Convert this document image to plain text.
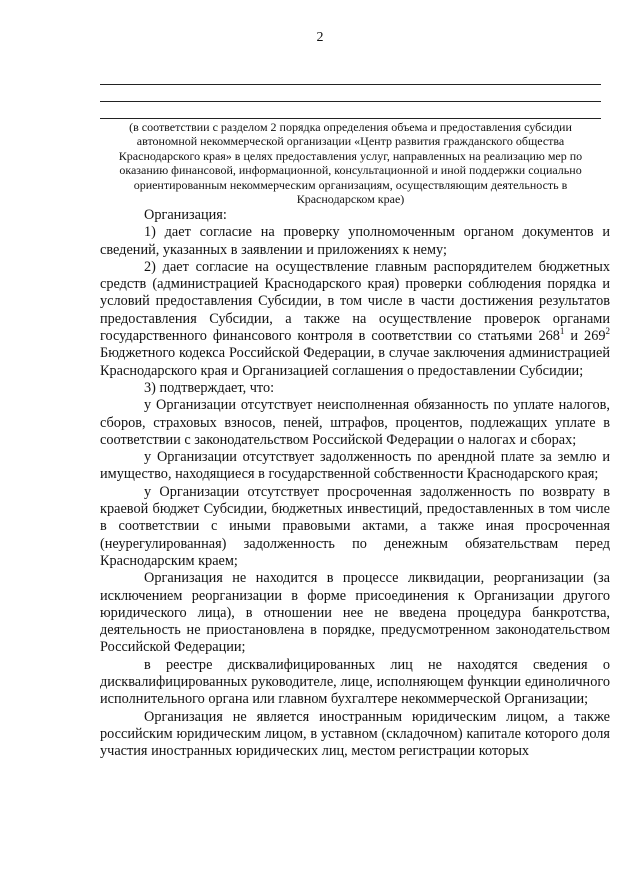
2
(в соответствии с разделом 2 порядка определения объема и предоставления субсидии автономной некоммерческой организации «Центр развития гражданского общества Краснодарского края» в целях предоставления услуг, направленных на реализацию мер по оказанию финансовой, информационной, консультационной и иной поддержки социально ориентированным некоммерческим организациям, осуществляющим деятельность в Краснодарском крае)

Организация:

1) дает согласие на проверку уполномоченным органом документов и сведений, указанных в заявлении и приложениях к нему;

2) дает согласие на осуществление главным распорядителем бюджетных средств (администрацией Краснодарского края) проверки соблюдения порядка и условий предоставления Субсидии, в том числе в части достижения результатов предоставления Субсидии, а также на осуществление проверок органами государственного финансового контроля в соответствии со статьями $268^1$ и $269^2$ Бюджетного кодекса Российской Федерации, в случае заключения администрацией Краснодарского края и Организацией соглашения о предоставлении Субсидии;

3) подтверждает, что:

у Организации отсутствует неисполненная обязанность по уплате налогов, сборов, страховых взносов, пеней, штрафов, процентов, подлежащих уплате в соответствии с законодательством Российской Федерации о налогах и сборах;

у Организации отсутствует задолженность по арендной плате за землю и имущество, находящиеся в государственной собственности Краснодарского края;

у Организации отсутствует просроченная задолженность по возврату в краевой бюджет Субсидии, бюджетных инвестиций, предоставленных в том числе в соответствии с иными правовыми актами, а также иная просроченная (неурегулированная) задолженность по денежным обязательствам перед Краснодарским краем;

Организация не находится в процессе ликвидации, реорганизации (за исключением реорганизации в форме присоединения к Организации другого юридического лица), в отношении нее не введена процедура банкротства, деятельность не приостановлена в порядке, предусмотренном законодательством Российской Федерации;

в реестре дисквалифицированных лиц не находятся сведения о дисквалифицированных руководителе, лице, исполняющем функции единоличного исполнительного органа или главном бухгалтере некоммерческой Организации;

Организация не является иностранным юридическим лицом, а также российским юридическим лицом, в уставном (складочном) капитале которого доля участия иностранных юридических лиц, местом регистрации которых
